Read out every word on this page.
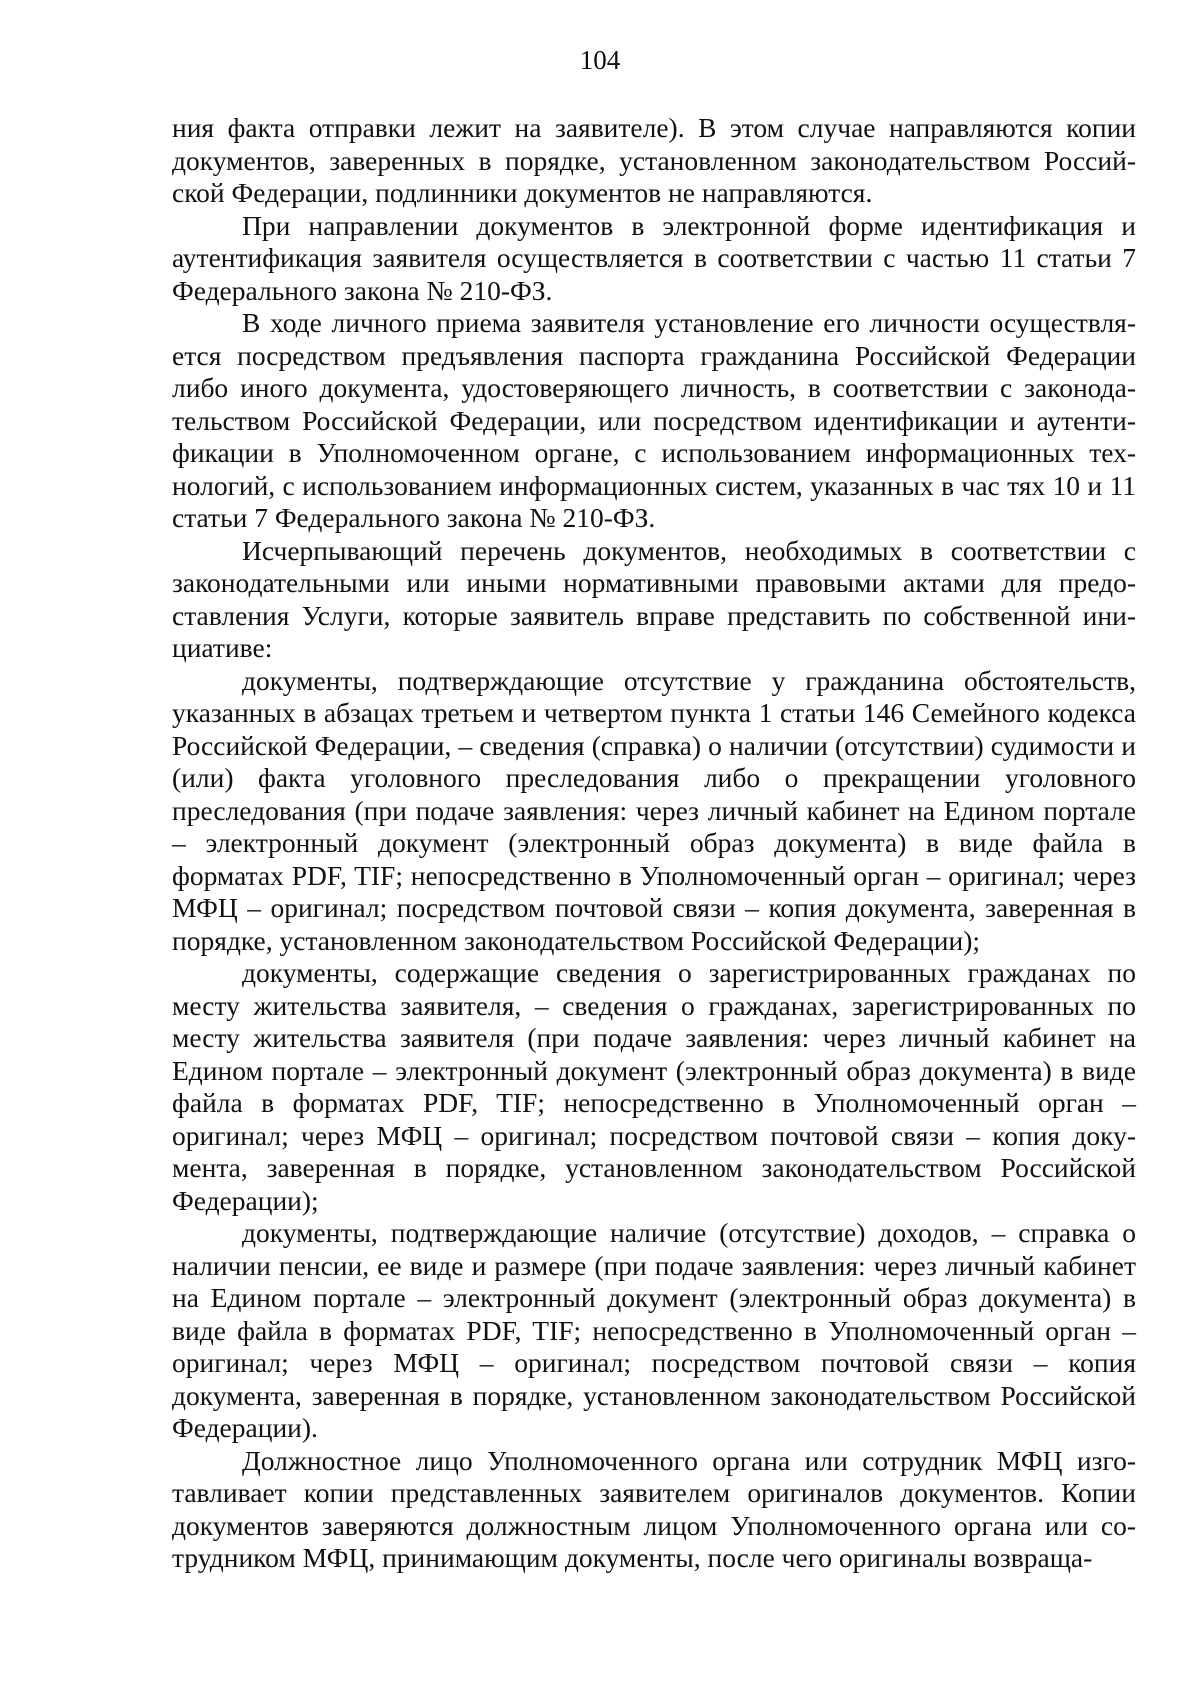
104

ния факта отправки лежит на заявителе). В этом случае направляются копии документов, заверенных в порядке, установленном законодательством Российской Федерации, подлинники документов не направляются.

При направлении документов в электронной форме идентификация и аутентификация заявителя осуществляется в соответствии с частью 11 статьи 7 Федерального закона № 210-ФЗ.

В ходе личного приема заявителя установление его личности осуществляется посредством предъявления паспорта гражданина Российской Федерации либо иного документа, удостоверяющего личность, в соответствии с законодательством Российской Федерации, или посредством идентификации и аутентификации в Уполномоченном органе, с использованием информационных технологий, с использованием информационных систем, указанных в час тях 10 и 11 статьи 7 Федерального закона № 210-ФЗ.

Исчерпывающий перечень документов, необходимых в соответствии с законодательными или иными нормативными правовыми актами для предоставления Услуги, которые заявитель вправе представить по собственной инициативе:

документы, подтверждающие отсутствие у гражданина обстоятельств, указанных в абзацах третьем и четвертом пункта 1 статьи 146 Семейного кодекса Российской Федерации, – сведения (справка) о наличии (отсутствии) судимости и (или) факта уголовного преследования либо о прекращении уголовного преследования (при подаче заявления: через личный кабинет на Едином портале – электронный документ (электронный образ документа) в виде файла в форматах PDF, TIF; непосредственно в Уполномоченный орган – оригинал; через МФЦ – оригинал; посредством почтовой связи – копия документа, заверенная в порядке, установленном законодательством Российской Федерации);

документы, содержащие сведения о зарегистрированных гражданах по месту жительства заявителя, – сведения о гражданах, зарегистрированных по месту жительства заявителя (при подаче заявления: через личный кабинет на Едином портале – электронный документ (электронный образ документа) в виде файла в форматах PDF, TIF; непосредственно в Уполномоченный орган – оригинал; через МФЦ – оригинал; посредством почтовой связи – копия документа, заверенная в порядке, установленном законодательством Российской Федерации);

документы, подтверждающие наличие (отсутствие) доходов, – справка о наличии пенсии, ее виде и размере (при подаче заявления: через личный кабинет на Едином портале – электронный документ (электронный образ документа) в виде файла в форматах PDF, TIF; непосредственно в Уполномоченный орган – оригинал; через МФЦ – оригинал; посредством почтовой связи – копия документа, заверенная в порядке, установленном законодательством Российской Федерации).

Должностное лицо Уполномоченного органа или сотрудник МФЦ изготавливает копии представленных заявителем оригиналов документов. Копии документов заверяются должностным лицом Уполномоченного органа или сотрудником МФЦ, принимающим документы, после чего оригиналы возвраща-
